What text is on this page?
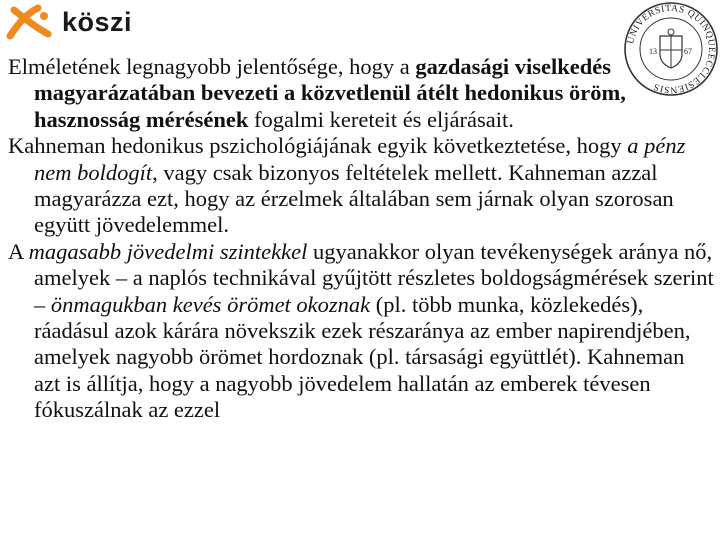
köszi
UNIVERSITAS QUINQUEECCLESIENSIS
13	67

Elméletének legnagyobb jelentősége, hogy a gazdasági viselkedés magyarázatában bevezeti a közvetlenül átélt hedonikus öröm, hasznosság mérésének fogalmi kereteit és eljárásait.

Kahneman hedonikus pszichológiájának egyik következtetése, hogy a pénz nem boldogít, vagy csak bizonyos feltételek mellett. Kahneman azzal magyarázza ezt, hogy az érzelmek általában sem járnak olyan szorosan együtt jövedelemmel.

A magasabb jövedelmi szintekkel ugyanakkor olyan tevékenységek aránya nő, amelyek – a naplós technikával gyűjtött részletes boldogságmérések szerint – önmagukban kevés örömet okoznak (pl. több munka, közlekedés), ráadásul azok kárára növekszik ezek részaránya az ember napirendjében, amelyek nagyobb örömet hordoznak (pl. társasági együttlét). Kahneman azt is állítja, hogy a nagyobb jövedelem hallatán az emberek tévesen fókuszálnak az ezzel
